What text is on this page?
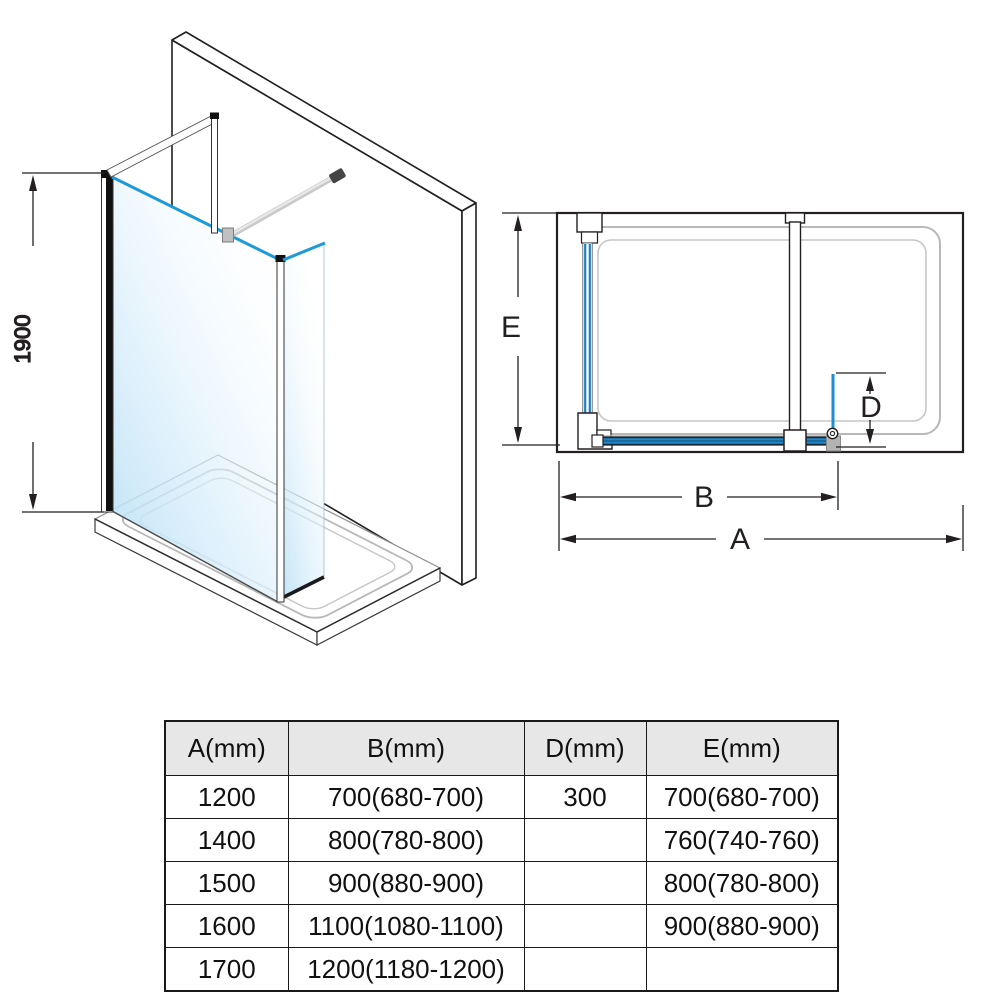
1900	E
D
B
A
A(mm)	B(mm)	D(mm)	E(mm)
1200	700(680-700)	300	700(680-700)
1400	800(780-800)		760(740-760)
1500	900(880-900)		800(780-800)
1600	1100(1080-1100)		900(880-900)
1700	1200(1180-1200)		
